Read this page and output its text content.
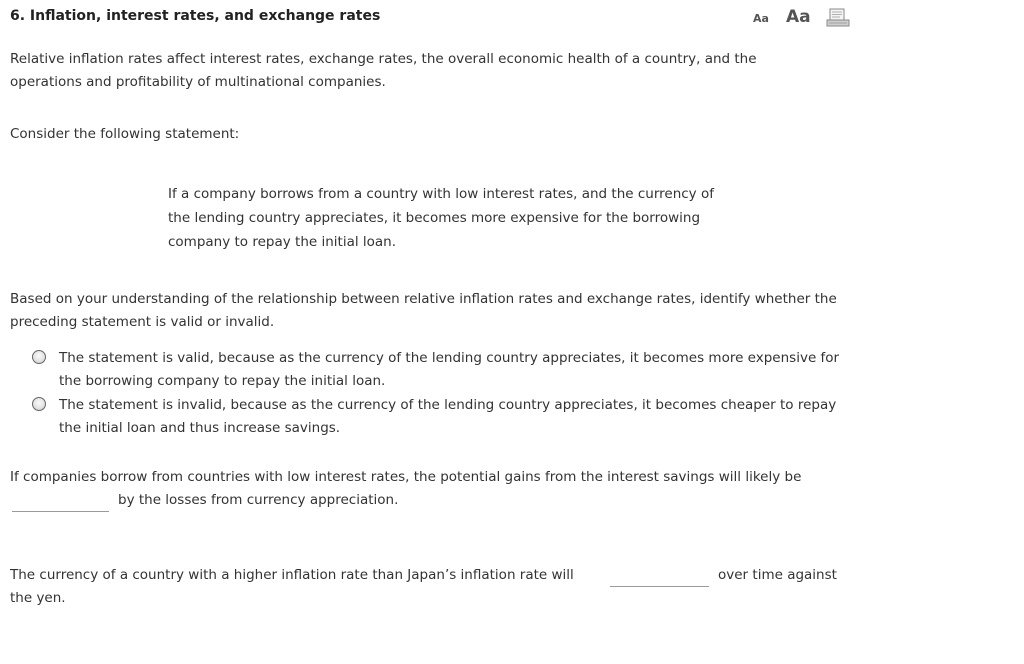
6. Inflation, interest rates, and exchange rates	Aa Aa
Relative inflation rates affect interest rates, exchange rates, the overall economic health of a country, and the operations and profitability of multinational companies.
Consider the following statement:
If a company borrows from a country with low interest rates, and the currency of the lending country appreciates, it becomes more expensive for the borrowing company to repay the initial loan.
Based on your understanding of the relationship between relative inflation rates and exchange rates, identify whether the preceding statement is valid or invalid.
The statement is valid, because as the currency of the lending country appreciates, it becomes more expensive for the borrowing company to repay the initial loan.
The statement is invalid, because as the currency of the lending country appreciates, it becomes cheaper to repay the initial loan and thus increase savings.
If companies borrow from countries with low interest rates, the potential gains from the interest savings will likely be
by the losses from currency appreciation.
The currency of a country with a higher inflation rate than Japan’s inflation rate will	over time against
the yen.
